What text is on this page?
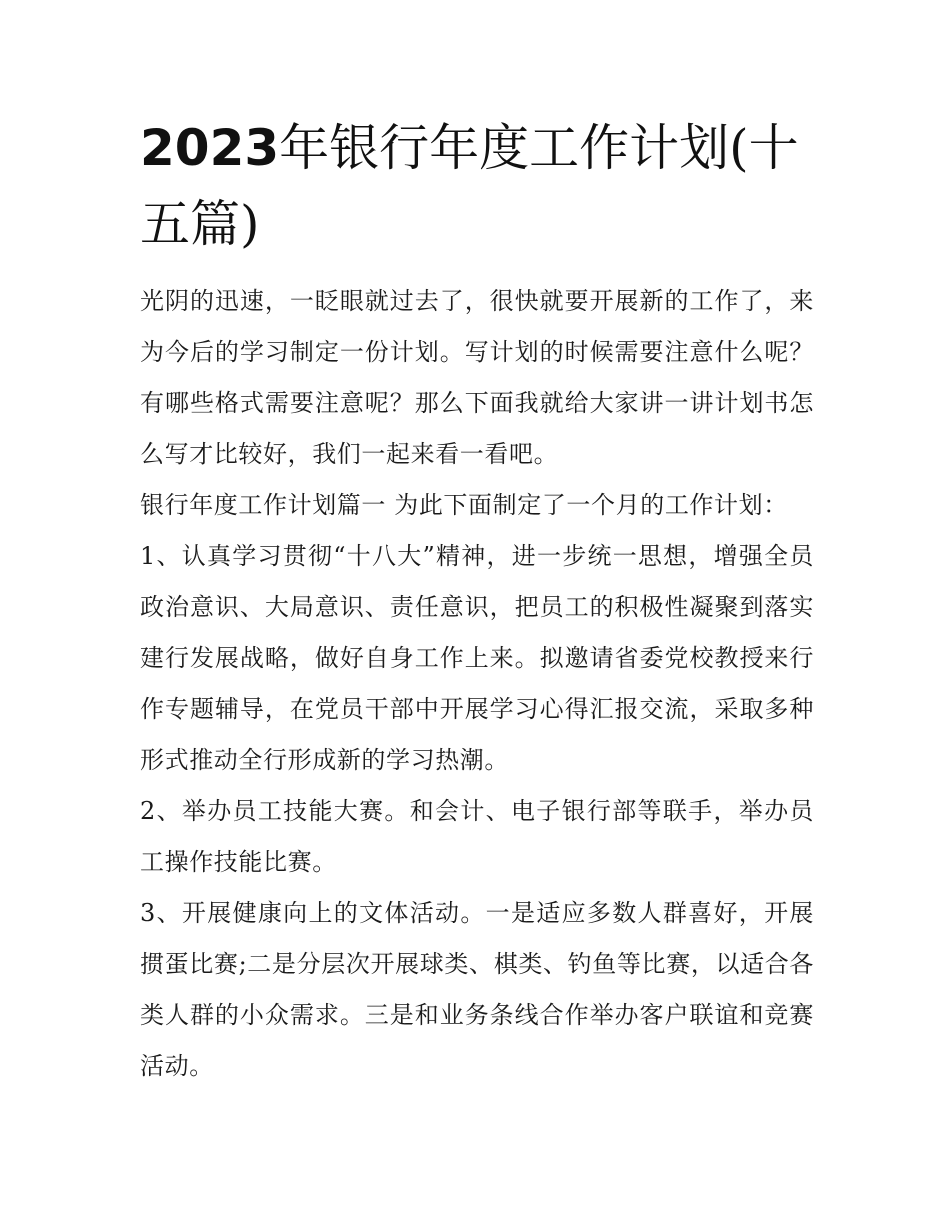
2023年银行年度工作计划(十五篇)

光阴的迅速，一眨眼就过去了，很快就要开展新的工作了，来为今后的学习制定一份计划。写计划的时候需要注意什么呢？有哪些格式需要注意呢？那么下面我就给大家讲一讲计划书怎么写才比较好，我们一起来看一看吧。

银行年度工作计划篇一 为此下面制定了一个月的工作计划：

1、认真学习贯彻“十八大”精神，进一步统一思想，增强全员政治意识、大局意识、责任意识，把员工的积极性凝聚到落实建行发展战略，做好自身工作上来。拟邀请省委党校教授来行作专题辅导，在党员干部中开展学习心得汇报交流，采取多种形式推动全行形成新的学习热潮。

2、举办员工技能大赛。和会计、电子银行部等联手，举办员工操作技能比赛。

3、开展健康向上的文体活动。一是适应多数人群喜好，开展掼蛋比赛;二是分层次开展球类、棋类、钓鱼等比赛，以适合各类人群的小众需求。三是和业务条线合作举办客户联谊和竞赛活动。
